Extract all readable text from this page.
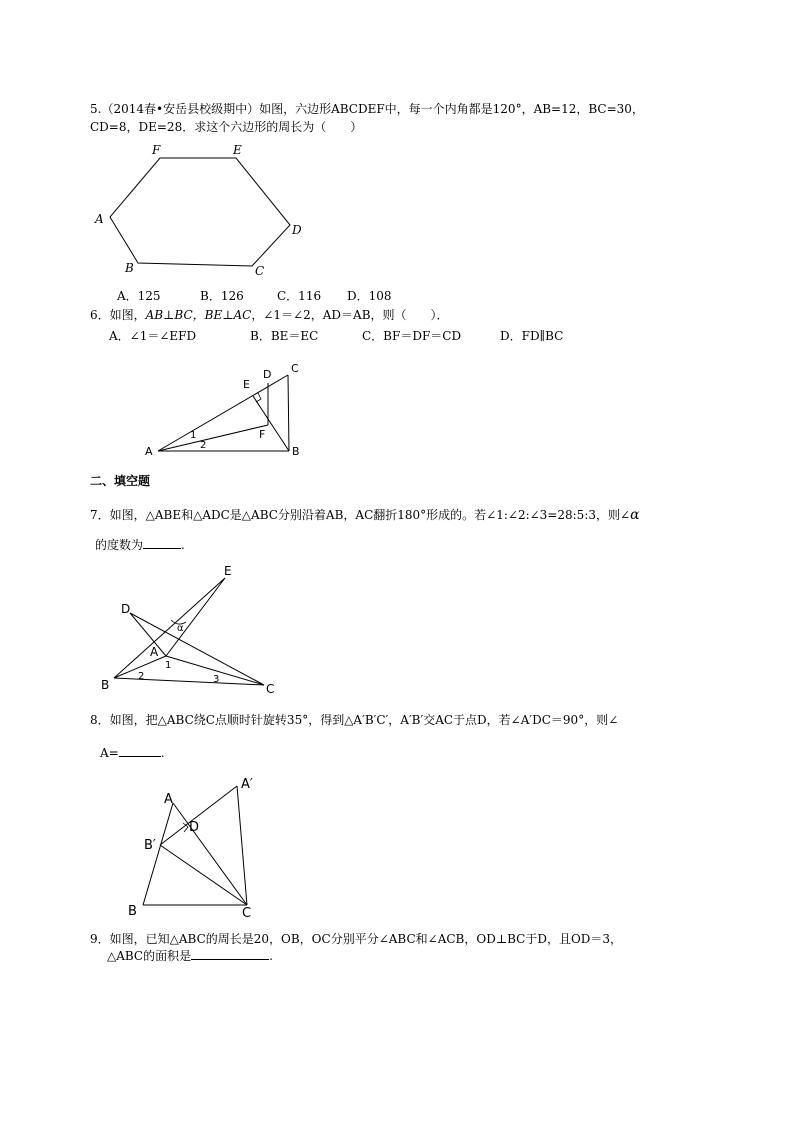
5.（2014春•安岳县校级期中）如图，六边形ABCDEF中，每一个内角都是120°，AB=12，BC=30，
CD=8，DE=28．求这个六边形的周长为（　　）
F	E
A
D
B	C
A	B
C
D
E
F
1
2
E
D
A
B	C
1
2	3
α
A
A′
B′
D
B	C
A．125	B．126	C．116 D．108
6．如图，AB⊥BC，BE⊥AC，∠1＝∠2，AD＝AB，则（　　）．
A．∠1＝∠EFD	B．BE＝EC	C．BF＝DF＝CD	D．FD∥BC
二、填空题
7．如图，△ABE和△ADC是△ABC分别沿着AB，AC翻折180°形成的。若∠1:∠2:∠3=28:5:3，则∠α
的度数为	.
8．如图，把△ABC绕C点顺时针旋转35°，得到△A′B′C′，A′B′交AC于点D，若∠A′DC＝90°，则∠
A=	.
9．如图，已知△ABC的周长是20，OB，OC分别平分∠ABC和∠ACB，OD⊥BC于D，且OD＝3，
△ABC的面积是	.
